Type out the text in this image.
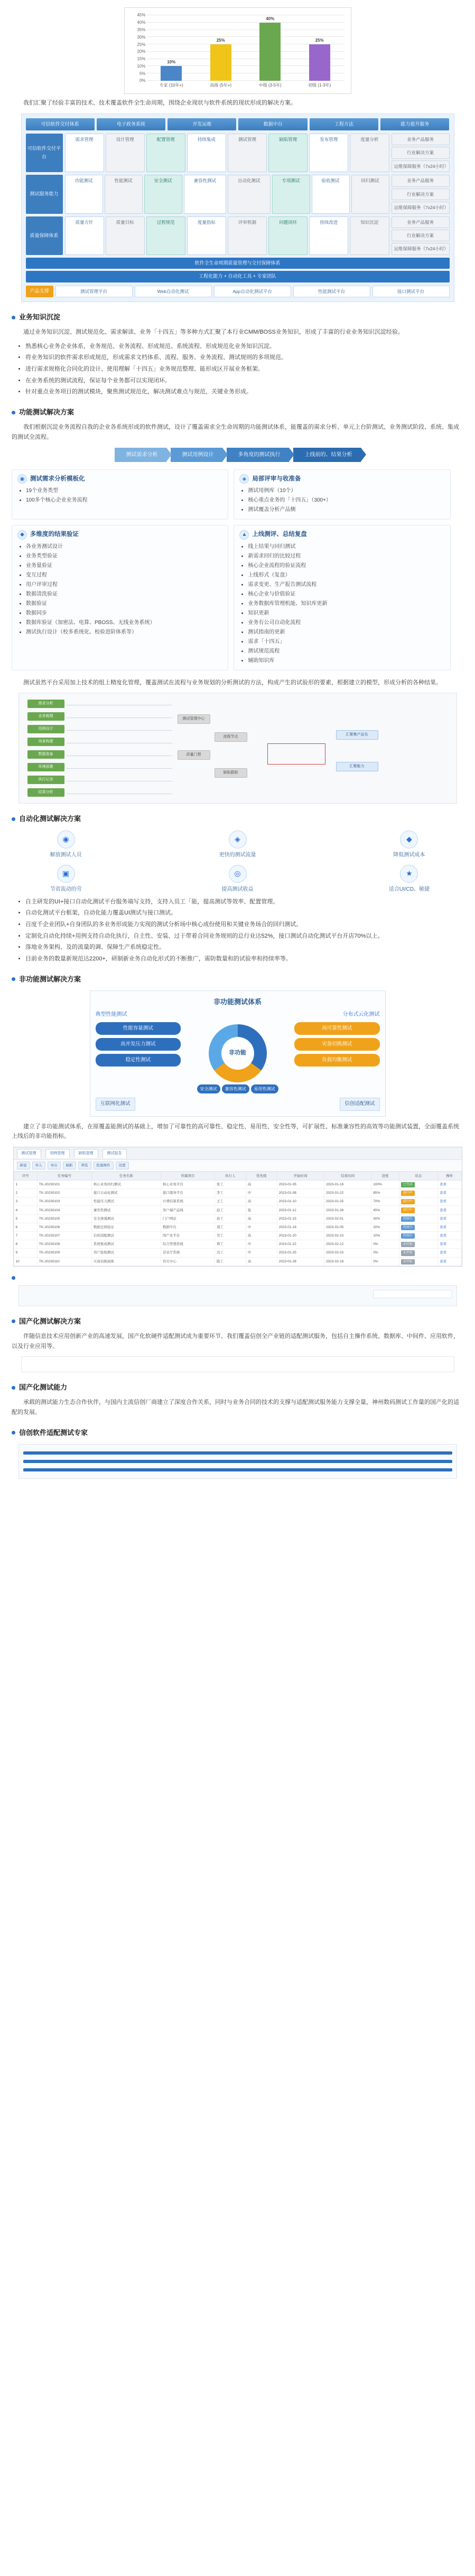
0%
5%
10%
15%
20%
25%
30%
35%
40%
45%
10%
25%
40%
25%
专家 (10年+)	高级 (5年+)	中级 (3-5年)	初级 (1-3年)

我们汇聚了经验丰富的技术、技术覆盖软件全生命周期，围绕企业现状与软件系统的现状形成的解决方案。

可信软件交付体系	电子政务系统	开发运维	数据中台	工程方法	能力提升服务
可信软件交付平台
需求管理	设计管理	配置管理	持续集成	测试管理	缺陷管理	发布管理	度量分析	业务产品服务
行业解决方案
运维保障服务（7x24小时）
测试服务能力
功能测试	性能测试	安全测试	兼容性测试	自动化测试	专项测试	验收测试	回归测试	业务产品服务
行业解决方案
运维保障服务（7x24小时）
质量保障体系
质量方针	质量目标	过程规范	度量指标	评审机制	问题闭环	持续改进	知识沉淀	业务产品服务
行业解决方案
运维保障服务（7x24小时）
软件全生命周期质量管理与交付保障体系
工程化能力 + 自动化工具 + 专家团队
产品支撑	测试管理平台	Web自动化测试	App自动化测试平台	性能测试平台	接口测试平台
业务知识沉淀

通过业务知识沉淀、测试规范化、需求解读、业务「十四五」等多种方式汇聚了本行业CMM/BOSS业务知识，形成了丰富的行业业务知识沉淀经验。

• 熟悉核心业务企业体系，业务规范、业务流程、形成规范、系统流程、形成规范化业务知识沉淀。
• 将业务知识的软件需求形成规范，形成需求文档体系、流程、服务、业务流程、测试规则的多项规范。
• 进行需求规格化合同化的设计、使用理解「十四五」业务规范整理、能形成区开展业务框架。
• 在业务系统的测试流程，保证每个业务都可以实现闭环。
• 针对重点业务项目的测试模块，聚焦测试规范化，解决测试难点与规范，关键业务形成。
功能测试解决方案

我们根据沉淀业务流程自我的企业各系统形成的软件测试，设计了覆盖需求全生命周期的功能测试体系，能覆盖的需求分析、单元上台阶测试、业务测试阶段、系统、集成的测试全流程。

测试需求分析	测试用例设计	多角度的测试执行	上线前的、结果分析
◉ 测试需求分析模板化
• 19个业务类型
• 100多个核心企业业务流程
◈ 局部评审与收准备
• 测试用例库（10个）
• 核心重点业务的「十四五」（300+）
• 测试覆盖分析产品侧
◆ 多维度的结果验证
• 各业务测试设计
• 业务类型验证
• 业务量验证
• 变互过程
• 用户评审过程
• 数据清洗验证
• 数据验证
• 数据同步
• 数据库验证（加密法、电算、PBOSS、无线业务系统）
• 测试执行设计（校多系统化、校验进阶体系等）
▲ 上线测评、总结复盘
• 线上结果与回归测试
• 新需求回归的比较过程
• 核心企业流程的验证流程
• 上线形式（复盘）
• 需求变更、生产报告测试流程
• 核心企业与价值验证
• 业务数据库管理机能、知识库更新
• 知识更新
• 业务有公司自动化流程
• 测试指南的更新
• 需求「十四五」
• 测试规范流程
• 辅助知识库

测试虽然平台采用加上技术的组上精度化管理，覆盖测试在流程与业务规划的分析测试的方法，构成产生的试验形的要素，根据建立的模型，形成分析的各种结果。

需求分析
业务梳理
用例设计
场景构建
数据准备
环境部署
执行记录
结果分析
测试管理中心
流程节点
质量门禁
缺陷跟踪
汇聚集产品名
汇聚能力
自动化测试解决方案
◉
解放测试人员
◈
更快的测试流量
◆
降低测试成本
▣
节省流动的劳
◎
提高测试收益
★
适合UI/CD、敏捷
• 自主研发的UI+接口自动化测试平台服务端写支持，支持入员工「能，提高测试等效率、配置管理。
• 自动化测试平台框架，自动化能力覆盖UI测试与接口测试。
• 百度千企业团队+自身团队的多业务形成能力实现的测试分析场中核心成份使用和关键业务场合的回归测试。
• 定制化自动化持续+用例支持自动化执行，自主性、安装、过于带着合同业务规则的总行业达52%，接口测试自动化测试平台开店70%以上。
• 落地业务架构、及的流量的调、保障生产系统稳定性。
• 目前业务的数量新规范达2200+，研制新业务自动化形式的不断推广，需防数量和的试验率和持续率等。
非功能测试解决方案
非功能测试体系
典型性能测试	分布式云化测试
性能容量测试
高并发压力测试
稳定性测试
非功能
安全测试	兼容性测试	易用性测试
高可靠性测试
灾备切换测试
负载均衡测试
互联网化测试	信创适配测试

建立了非功能测试体系，在原覆盖能测试的基础上，增加了可靠性的高可靠性、稳定性、易用性、安全性等，可扩展性、标准兼容性的高效等功能测试装置，全面覆盖系统上线后的非功能指标。

测试管理	用例管理	缺陷管理	测试报告
新建	导入	导出	刷新	筛选	批量操作	设置
序号	任务编号	任务名称	所属项目	执行人	优先级	开始时间	结束时间	进度	状态	操作
1	TK-20230101	核心业务回归测试	核心业务平台	张工	高	2023-01-05	2023-01-18	100%	已完成	查看
2	TK-20230102	接口自动化测试	接口服务平台	李工	中	2023-01-08	2023-01-22	85%	进行中	查看
3	TK-20230103	性能压力测试	计费结算系统	王工	高	2023-01-10	2023-01-25	70%	进行中	查看
4	TK-20230104	兼容性测试	客户端产品线	赵工	低	2023-01-12	2023-01-28	45%	进行中	查看
5	TK-20230105	安全渗透测试	门户网站	孙工	高	2023-01-15	2023-02-01	30%	待执行	查看
6	TK-20230106	数据迁移验证	数据中台	周工	中	2023-01-18	2023-02-05	20%	待执行	查看
7	TK-20230107	信创适配测试	国产化平台	吴工	高	2023-01-20	2023-02-10	10%	待执行	查看
8	TK-20230108	系统集成测试	综合管理系统	郑工	中	2023-01-22	2023-02-12	0%	未开始	查看
9	TK-20230109	用户验收测试	营业厅系统	冯工	中	2023-01-25	2023-02-15	0%	未开始	查看
10	TK-20230110	灾备切换演练	容灾中心	陈工	高	2023-01-28	2023-02-18	0%	未开始	查看

国产化测试解决方案

伴随信息技术应用创新产业的高速发展，国产化软硬件适配测试成为重要环节。我们覆盖信创全产业链的适配测试服务，包括自主操作系统、数据库、中间件、应用软件，以及行业应用等。

国产化测试能力

承载的测试能力生态合作伙伴，与国内主流信创厂商建立了深度合作关系，同时与业务合同的技术的支撑与适配测试服务能力支撑全量，神州数码测试工作量的国产化的适配的发展。

信创软件适配测试专家
